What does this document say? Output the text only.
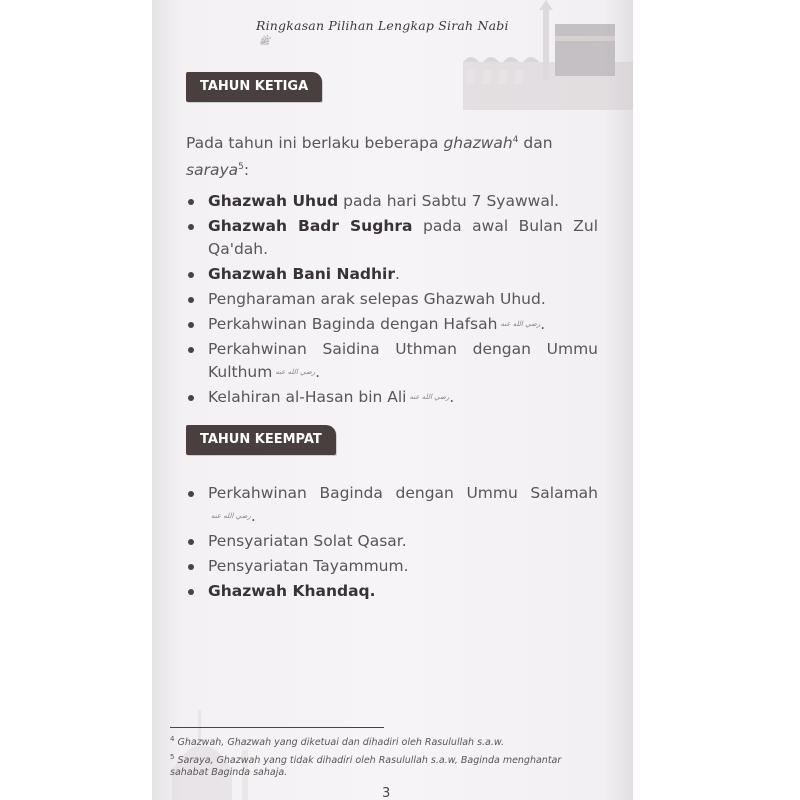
Ringkasan Pilihan Lengkap Sirah Nabi ﷺ
TAHUN KETIGA
Pada tahun ini berlaku beberapa ghazwah$^4$ dan saraya$^5$:
Ghazwah Uhud pada hari Sabtu 7 Syawwal.
Ghazwah Badr Sughra pada awal Bulan Zul Qa'dah.
Ghazwah Bani Nadhir.
Pengharaman arak selepas Ghazwah Uhud.
Perkahwinan Baginda dengan Hafsah رضي الله عنه.
Perkahwinan Saidina Uthman dengan Ummu Kulthum رضي الله عنه.
Kelahiran al-Hasan bin Ali رضي الله عنه.
TAHUN KEEMPAT
Perkahwinan Baginda dengan Ummu Salamahرضي الله عنه.
Pensyariatan Solat Qasar.
Pensyariatan Tayammum.
Ghazwah Khandaq.
$^4$ Ghazwah, Ghazwah yang diketuai dan dihadiri oleh Rasulullah s.a.w.
$^5$ Saraya, Ghazwah yang tidak dihadiri oleh Rasulullah s.a.w, Baginda menghantar sahabat Baginda sahaja.
3
